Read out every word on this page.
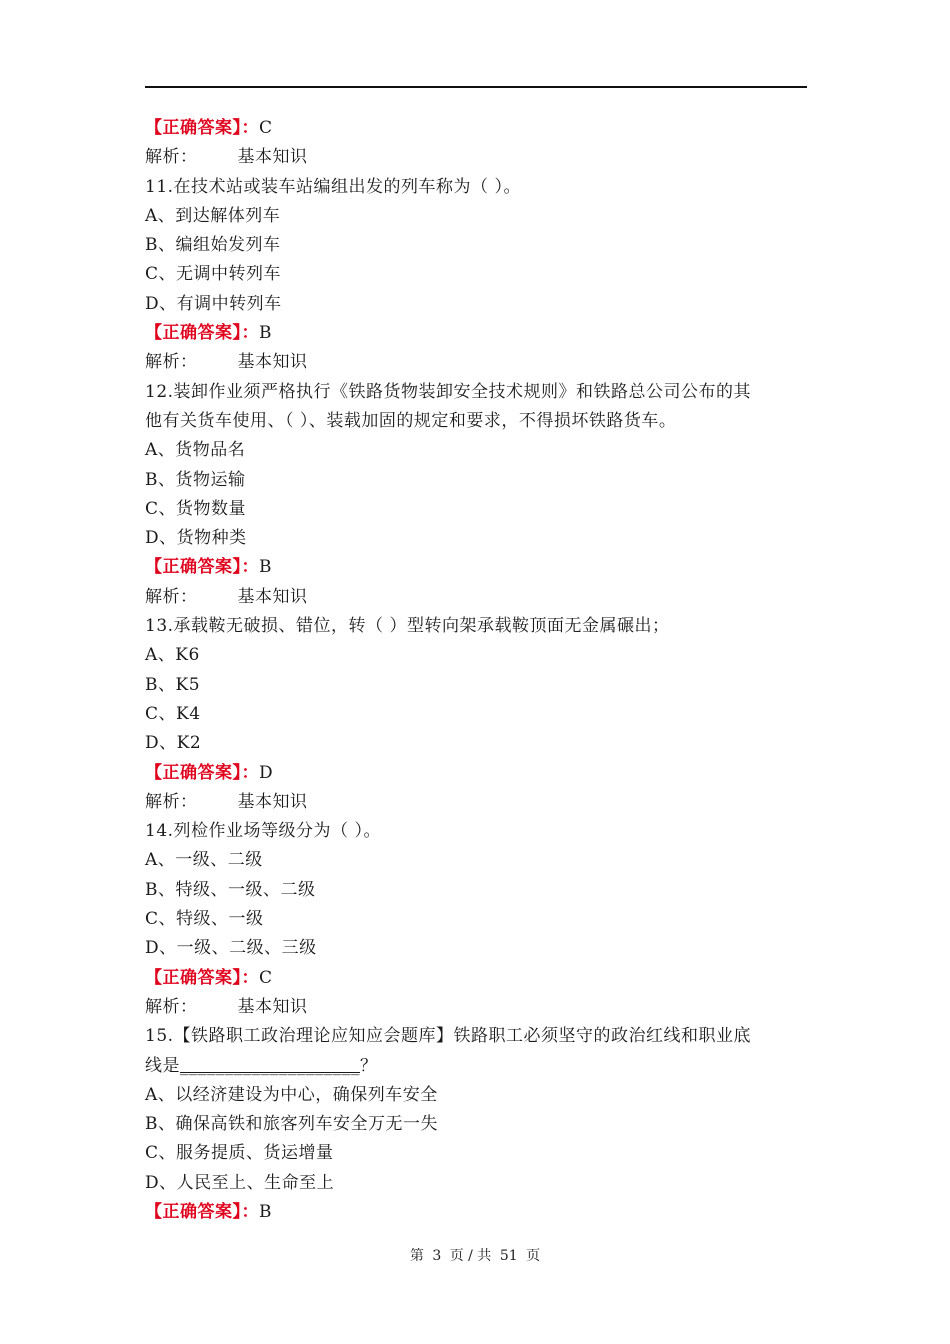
【正确答案】：C
解析： 基本知识
11.在技术站或装车站编组出发的列车称为（ ）。
A、到达解体列车
B、编组始发列车
C、无调中转列车
D、有调中转列车
【正确答案】：B
解析： 基本知识
12.装卸作业须严格执行《铁路货物装卸安全技术规则》和铁路总公司公布的其
他有关货车使用、（ ）、装载加固的规定和要求，不得损坏铁路货车。
A、货物品名
B、货物运输
C、货物数量
D、货物种类
【正确答案】：B
解析： 基本知识
13.承载鞍无破损、错位，转（ ）型转向架承载鞍顶面无金属碾出；
A、K6
B、K5
C、K4
D、K2
【正确答案】：D
解析： 基本知识
14.列检作业场等级分为（ ）。
A、一级、二级
B、特级、一级、二级
C、特级、一级
D、一级、二级、三级
【正确答案】：C
解析： 基本知识
15.【铁路职工政治理论应知应会题库】铁路职工必须坚守的政治红线和职业底
线是____________________？
A、以经济建设为中心，确保列车安全
B、确保高铁和旅客列车安全万无一失
C、服务提质、货运增量
D、人民至上、生命至上
【正确答案】：B
第 3 页 / 共 51 页
